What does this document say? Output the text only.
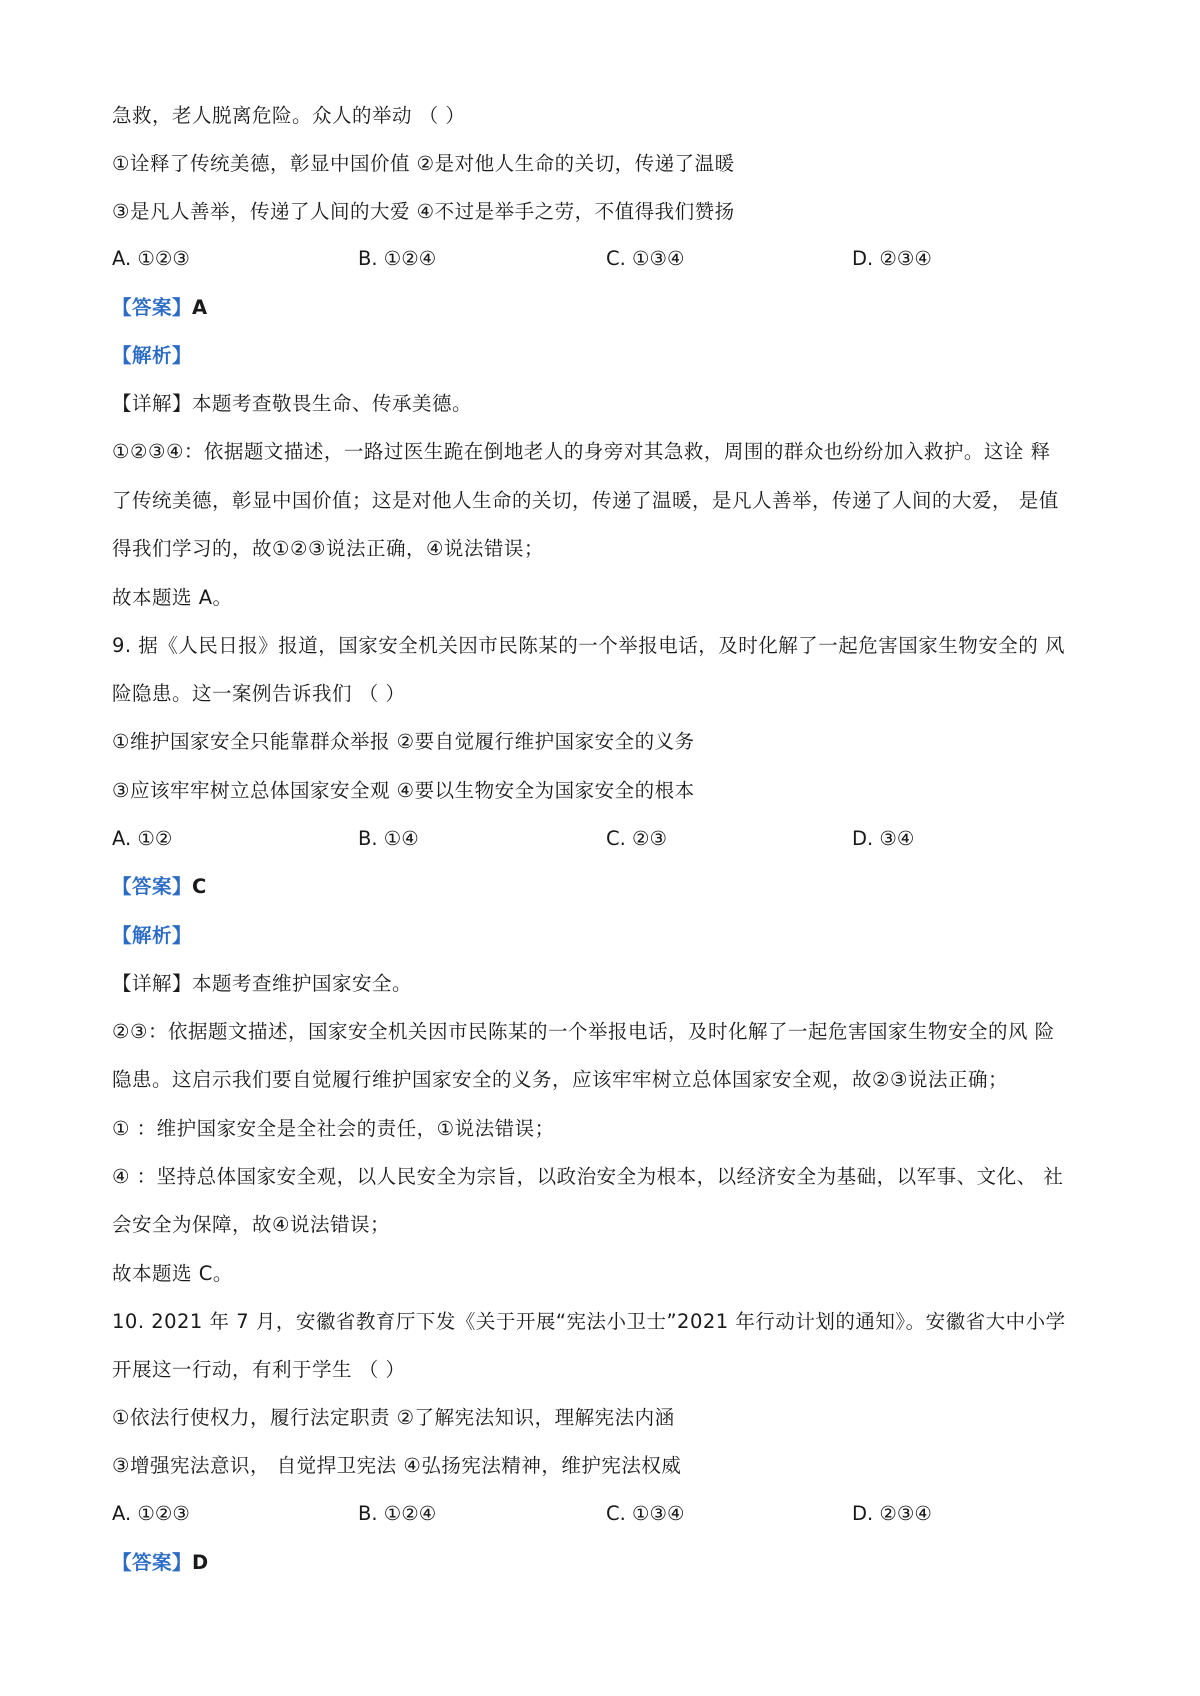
急救，老人脱离危险。众人的举动 （ ）
①诠释了传统美德，彰显中国价值 ②是对他人生命的关切，传递了温暖
③是凡人善举，传递了人间的大爱 ④不过是举手之劳，不值得我们赞扬
A. ①②③	B. ①②④	C. ①③④	D. ②③④
【答案】A
【解析】
【详解】本题考查敬畏生命、传承美德。
①②③④：依据题文描述，一路过医生跪在倒地老人的身旁对其急救，周围的群众也纷纷加入救护。这诠 释
了传统美德，彰显中国价值；这是对他人生命的关切，传递了温暖，是凡人善举，传递了人间的大爱， 是值
得我们学习的，故①②③说法正确，④说法错误；
故本题选 A。
9. 据《人民日报》报道，国家安全机关因市民陈某的一个举报电话，及时化解了一起危害国家生物安全的 风
险隐患。这一案例告诉我们 （ ）
①维护国家安全只能靠群众举报 ②要自觉履行维护国家安全的义务
③应该牢牢树立总体国家安全观 ④要以生物安全为国家安全的根本
A. ①②	B. ①④	C. ②③	D. ③④
【答案】C
【解析】
【详解】本题考查维护国家安全。
②③：依据题文描述，国家安全机关因市民陈某的一个举报电话，及时化解了一起危害国家生物安全的风 险
隐患。这启示我们要自觉履行维护国家安全的义务，应该牢牢树立总体国家安全观，故②③说法正确；
① ：维护国家安全是全社会的责任，①说法错误；
④ ：坚持总体国家安全观，以人民安全为宗旨，以政治安全为根本，以经济安全为基础，以军事、文化、 社
会安全为保障，故④说法错误；
故本题选 C。
10. 2021 年 7 月，安徽省教育厅下发《关于开展“宪法小卫士”2021 年行动计划的通知》。安徽省大中小学
开展这一行动，有利于学生 （ ）
①依法行使权力，履行法定职责 ②了解宪法知识，理解宪法内涵
③增强宪法意识， 自觉捍卫宪法 ④弘扬宪法精神，维护宪法权威
A. ①②③	B. ①②④	C. ①③④	D. ②③④
【答案】D
